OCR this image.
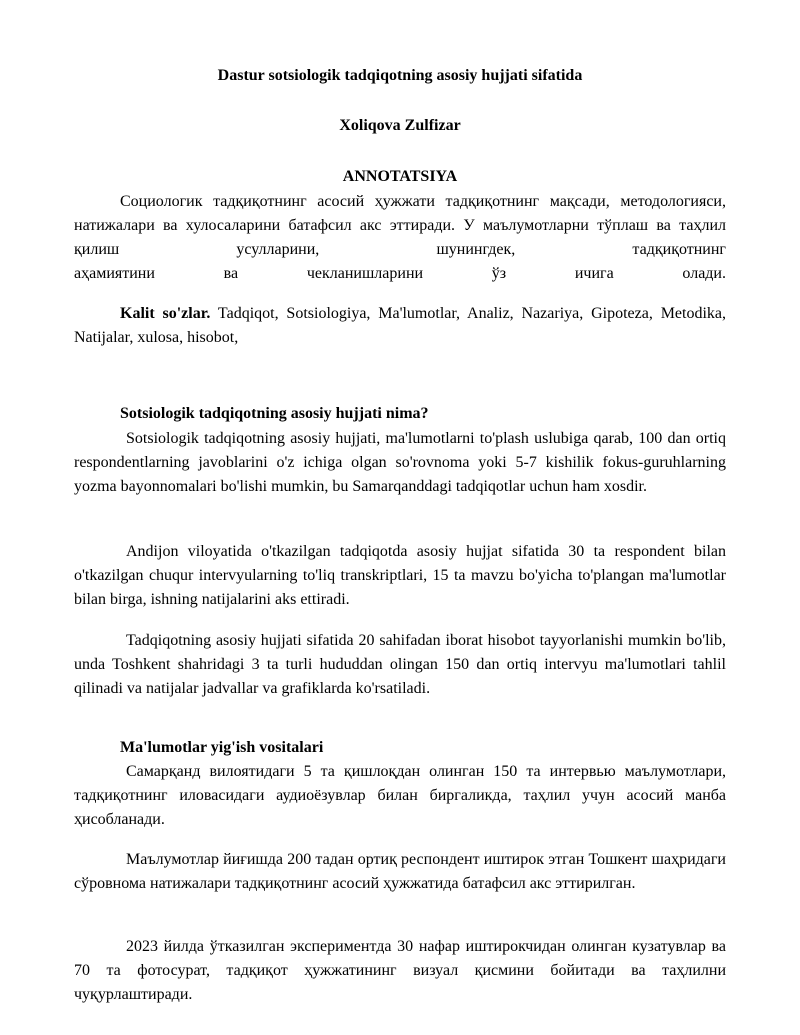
Dastur sotsiologik tadqiqotning asosiy hujjati sifatida
Xoliqova Zulfizar
ANNOTATSIYA
Социологик тадқиқотнинг асосий ҳужжати тадқиқотнинг мақсади, методологияси, натижалари ва хулосаларини батафсил акс эттиради. У маълумотларни тўплаш ва таҳлил қилиш усулларини, шунингдек, тадқиқотнинг
аҳамиятини ва чекланишларини ўз ичига олади.
Kalit so'zlar. Tadqiqot, Sotsiologiya, Ma'lumotlar, Analiz, Nazariya, Gipoteza, Metodika, Natijalar, xulosa, hisobot,
Sotsiologik tadqiqotning asosiy hujjati nima?
Sotsiologik tadqiqotning asosiy hujjati, ma'lumotlarni to'plash uslubiga qarab, 100 dan ortiq respondentlarning javoblarini o'z ichiga olgan so'rovnoma yoki 5-7 kishilik fokus-guruhlarning yozma bayonnomalari bo'lishi mumkin, bu Samarqanddagi tadqiqotlar uchun ham xosdir.
Andijon viloyatida o'tkazilgan tadqiqotda asosiy hujjat sifatida 30 ta respondent bilan o'tkazilgan chuqur intervyularning to'liq transkriptlari, 15 ta mavzu bo'yicha to'plangan ma'lumotlar bilan birga, ishning natijalarini aks ettiradi.
Tadqiqotning asosiy hujjati sifatida 20 sahifadan iborat hisobot tayyorlanishi mumkin bo'lib, unda Toshkent shahridagi 3 ta turli hududdan olingan 150 dan ortiq intervyu ma'lumotlari tahlil qilinadi va natijalar jadvallar va grafiklarda ko'rsatiladi.
Ma'lumotlar yig'ish vositalari
Самарқанд вилоятидаги 5 та қишлоқдан олинган 150 та интервью маълумотлари, тадқиқотнинг иловасидаги аудиоёзувлар билан биргаликда, таҳлил учун асосий манба ҳисобланади.
Маълумотлар йиғишда 200 тадан ортиқ респондент иштирок этган Тошкент шаҳридаги сўровнома натижалари тадқиқотнинг асосий ҳужжатида батафсил акс эттирилган.
2023 йилда ўтказилган экспериментда 30 нафар иштирокчидан олинган кузатувлар ва 70 та фотосурат, тадқиқот ҳужжатининг визуал қисмини бойитади ва таҳлилни чуқурлаштиради.
